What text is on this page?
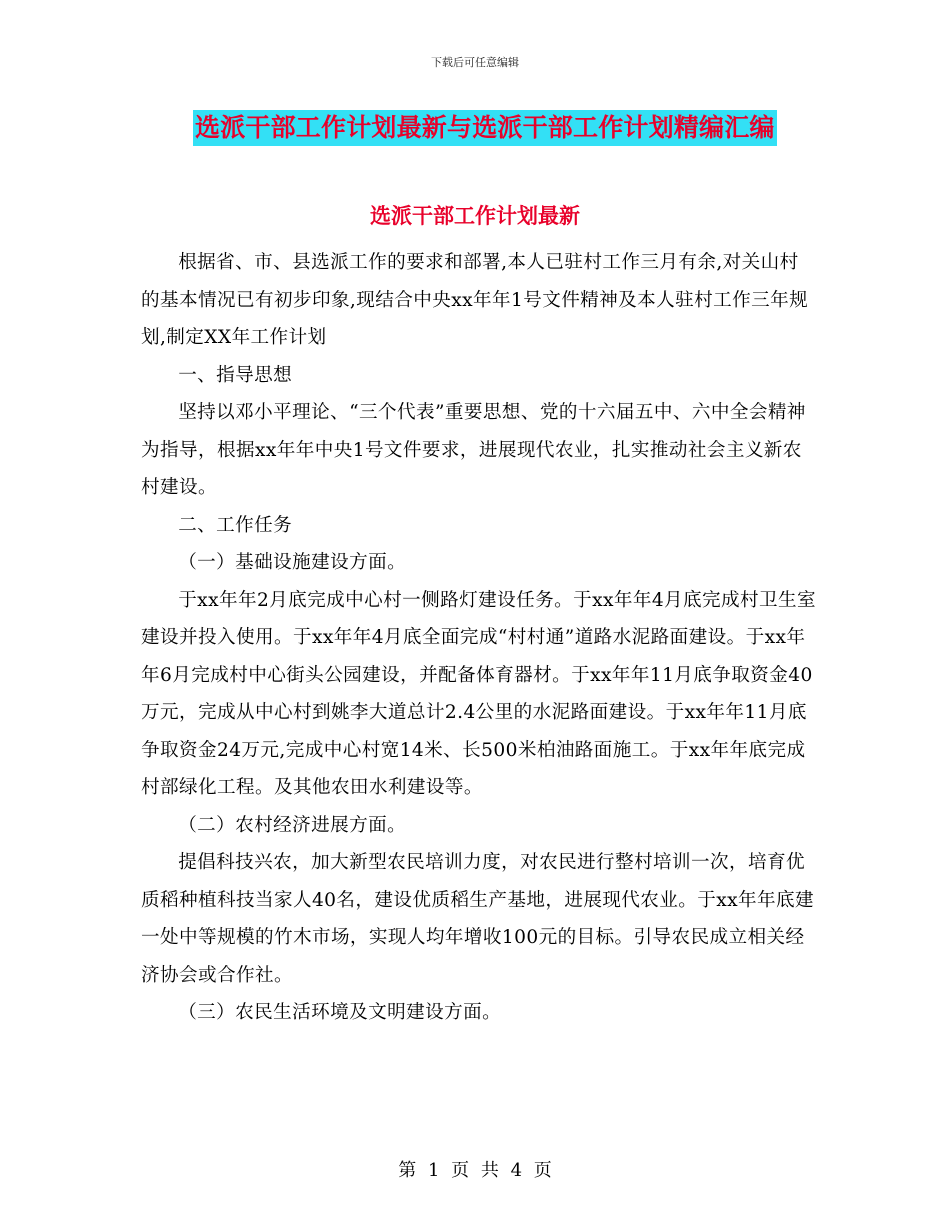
下载后可任意编辑
选派干部工作计划最新与选派干部工作计划精编汇编
选派干部工作计划最新

根据省、市、县选派工作的要求和部署,本人已驻村工作三月有余,对关山村的基本情况已有初步印象,现结合中央xx年年1号文件精神及本人驻村工作三年规划,制定XX年工作计划

一、指导思想

坚持以邓小平理论、“三个代表”重要思想、党的十六届五中、六中全会精神为指导，根据xx年年中央1号文件要求，进展现代农业，扎实推动社会主义新农村建设。

二、工作任务

（一）基础设施建设方面。

于xx年年2月底完成中心村一侧路灯建设任务。于xx年年4月底完成村卫生室建设并投入使用。于xx年年4月底全面完成“村村通”道路水泥路面建设。于xx年年6月完成村中心街头公园建设，并配备体育器材。于xx年年11月底争取资金40万元，完成从中心村到姚李大道总计2.4公里的水泥路面建设。于xx年年11月底争取资金24万元,完成中心村宽14米、长500米柏油路面施工。于xx年年底完成村部绿化工程。及其他农田水利建设等。

（二）农村经济进展方面。

提倡科技兴农，加大新型农民培训力度，对农民进行整村培训一次，培育优质稻种植科技当家人40名，建设优质稻生产基地，进展现代农业。于xx年年底建一处中等规模的竹木市场，实现人均年增收100元的目标。引导农民成立相关经济协会或合作社。

（三）农民生活环境及文明建设方面。

第 1 页 共 4 页
